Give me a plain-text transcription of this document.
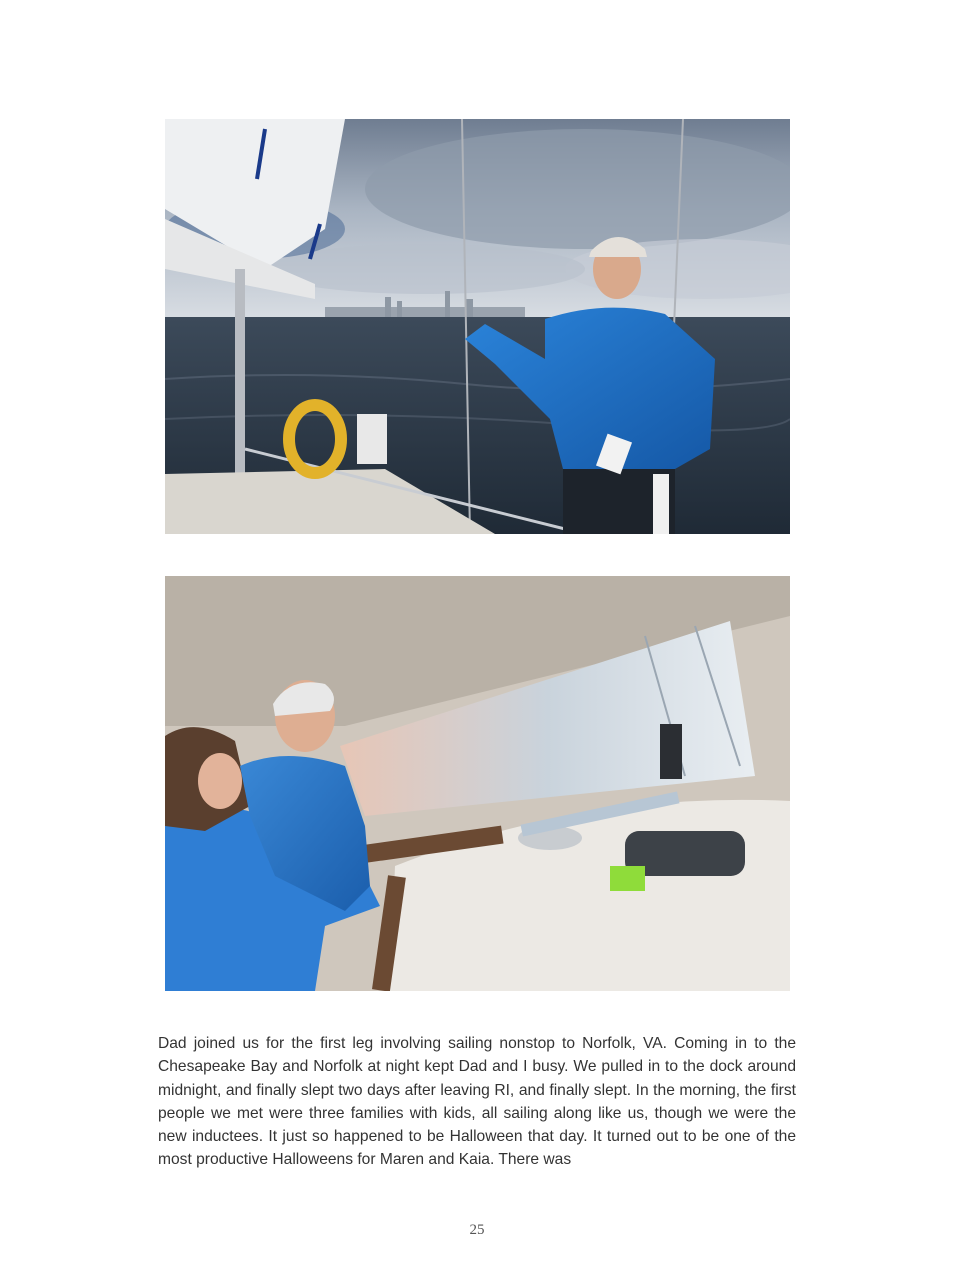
Dad joined us for the first leg involving sailing nonstop to Norfolk, VA. Coming in to the Chesapeake Bay and Norfolk at night kept Dad and I busy. We pulled in to the dock around midnight, and finally slept two days after leaving RI, and finally slept. In the morning, the first people we met were three families with kids, all sailing along like us, though we were the new inductees. It just so happened to be Halloween that day. It turned out to be one of the most productive Halloweens for Maren and Kaia. There was

25
